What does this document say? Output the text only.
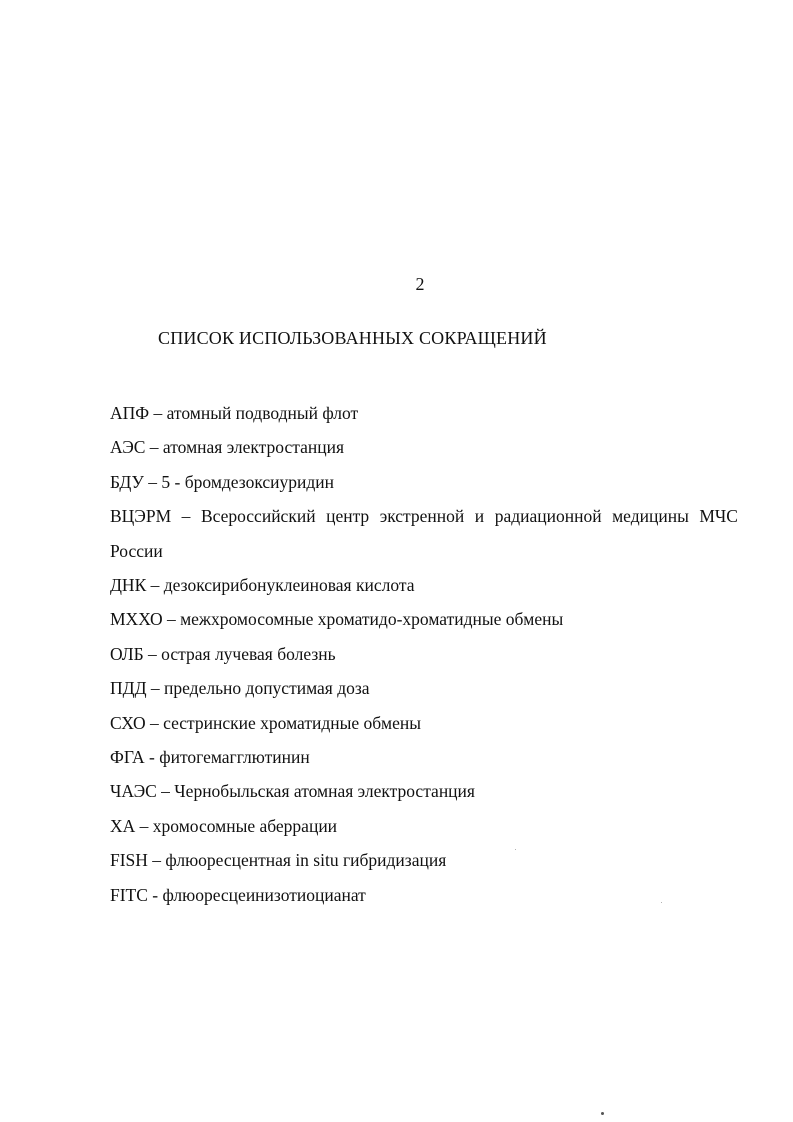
2
СПИСОК ИСПОЛЬЗОВАННЫХ СОКРАЩЕНИЙ
АПФ – атомный подводный флот
АЭС – атомная электростанция
БДУ – 5 - бромдезоксиуридин
ВЦЭРМ – Всероссийский центр экстренной и радиационной медицины МЧС
России
ДНК – дезоксирибонуклеиновая кислота
МХХО – межхромосомные хроматидо-хроматидные обмены
ОЛБ – острая лучевая болезнь
ПДД – предельно допустимая доза
СХО – сестринские хроматидные обмены
ФГА - фитогемагглютинин
ЧАЭС – Чернобыльская атомная электростанция
ХА – хромосомные аберрации
FISH – флюоресцентная in situ гибридизация
FITC - флюоресцеинизотиоцианат
